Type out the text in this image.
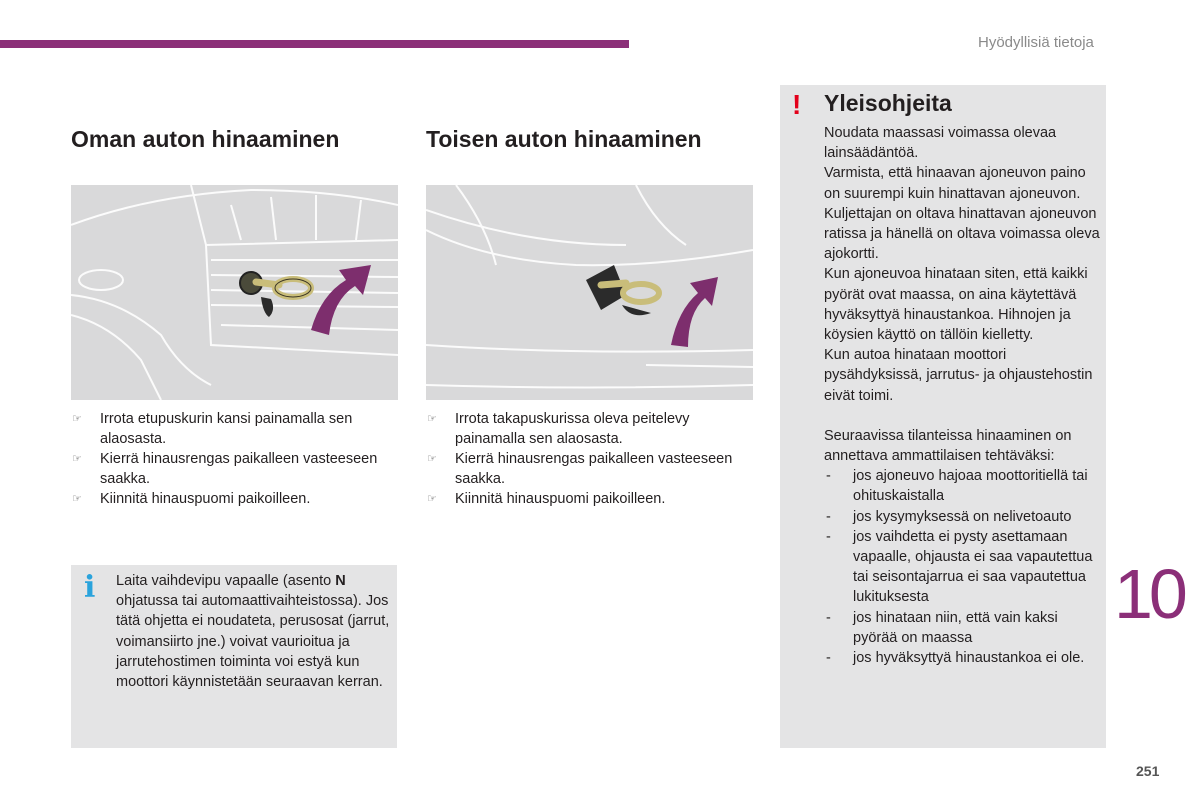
Hyödyllisiä tietoja
Oman auton hinaaminen
☞ Irrota etupuskurin kansi painamalla sen alaosasta.
☞ Kierrä hinausrengas paikalleen vasteeseen saakka.
☞ Kiinnitä hinauspuomi paikoilleen.
Toisen auton hinaaminen
☞ Irrota takapuskurissa oleva peitelevy painamalla sen alaosasta.
☞ Kierrä hinausrengas paikalleen vasteeseen saakka.
☞ Kiinnitä hinauspuomi paikoilleen.
i Laita vaihdevipu vapaalle (asento N ohjatussa tai automaattivaihteistossa). Jos tätä ohjetta ei noudateta, perusosat (jarrut, voimansiirto jne.) voivat vaurioitua ja jarrutehostimen toiminta voi estyä kun moottori käynnistetään seuraavan kerran.
! Yleisohjeita

Noudata maassasi voimassa olevaa lainsäädäntöä.

Varmista, että hinaavan ajoneuvon paino on suurempi kuin hinattavan ajoneuvon.

Kuljettajan on oltava hinattavan ajoneuvon ratissa ja hänellä on oltava voimassa oleva ajokortti.

Kun ajoneuvoa hinataan siten, että kaikki pyörät ovat maassa, on aina käytettävä hyväksyttyä hinaustankoa. Hihnojen ja köysien käyttö on tällöin kielletty.

Kun autoa hinataan moottori pysähdyksissä, jarrutus- ja ohjaustehostin eivät toimi.

Seuraavissa tilanteissa hinaaminen on annettava ammattilaisen tehtäväksi:

- jos ajoneuvo hajoaa moottoritiellä tai ohituskaistalla
- jos kysymyksessä on nelivetoauto
- jos vaihdetta ei pysty asettamaan vapaalle, ohjausta ei saa vapautettua tai seisontajarrua ei saa vapautettua lukituksesta
- jos hinataan niin, että vain kaksi pyörää on maassa
- jos hyväksyttyä hinaustankoa ei ole.
10
251
